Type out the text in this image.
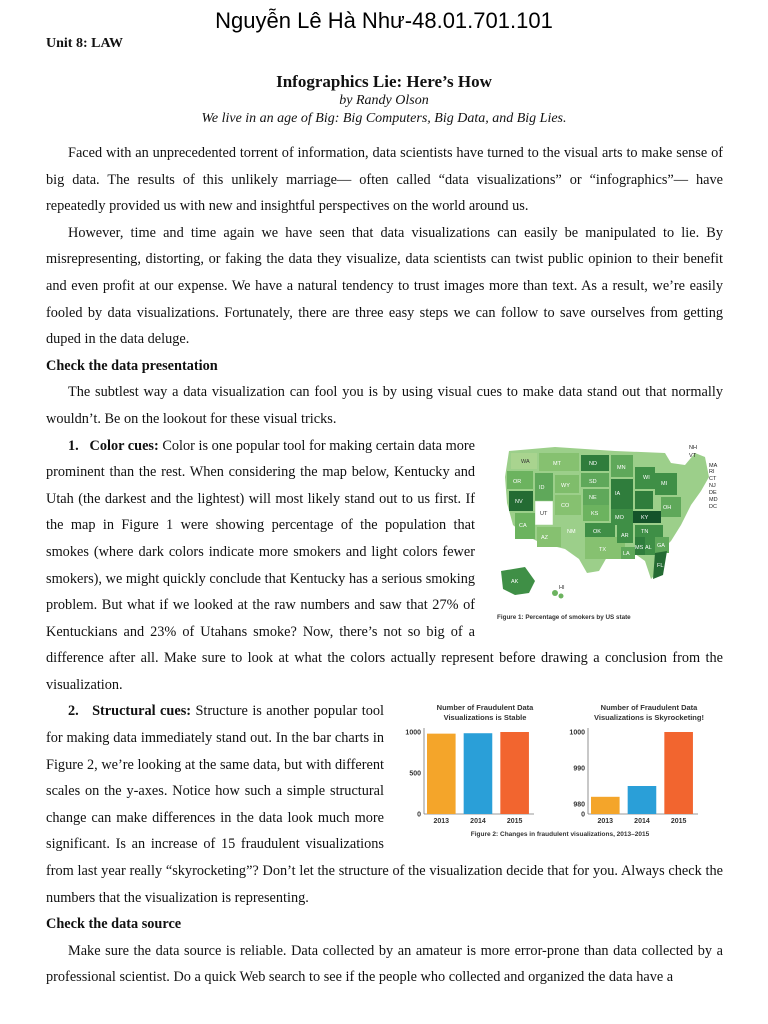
Nguyễn Lê Hà Như-48.01.701.101
Unit 8: LAW
Infographics Lie: Here’s How
by Randy Olson
We live in an age of Big: Big Computers, Big Data, and Big Lies.

Faced with an unprecedented torrent of information, data scientists have turned to the visual arts to make sense of big data. The results of this unlikely marriage— often called “data visualizations” or “infographics”— have repeatedly provided us with new and insightful perspectives on the world around us.

However, time and time again we have seen that data visualizations can easily be manipulated to lie. By misrepresenting, distorting, or faking the data they visualize, data scientists can twist public opinion to their benefit and even profit at our expense. We have a natural tendency to trust images more than text. As a result, we’re easily fooled by data visualizations. Fortunately, there are three easy steps we can follow to save ourselves from getting duped in the data deluge.

Check the data presentation

The subtlest way a data visualization can fool you is by using visual cues to make data stand out that normally wouldn’t. Be on the lookout for these visual tricks.

WA	MT	ND
MN
WI
MI
OR
ID	WY
SD
NE
IA
NV
UT
CO
KS
MO	KY
OH
CA
AZ
NM	OK
AR
TN
TX
LA
MS AL GA
FL
AK
HI
NH
VT
MA
RI
CT
NJ
DE
MD
DC
Figure 1: Percentage of smokers by US state

1. Color cues: Color is one popular tool for making certain data more prominent than the rest. When considering the map below, Kentucky and Utah (the darkest and the lightest) will most likely stand out to us first. If the map in Figure 1 were showing percentage of the population that smokes (where dark colors indicate more smokers and light colors fewer smokers), we might quickly conclude that Kentucky has a serious smoking problem. But what if we looked at the raw numbers and saw that 27% of Kentuckians and 23% of Utahans smoke? Now, there’s not so big of a difference after all. Make sure to look at what the colors actually represent before drawing a conclusion from the visualization.

Number of Fraudulent Data
Visualizations is Stable
0
500
1000
2013	2014	2015
Number of Fraudulent Data
Visualizations is Skyrocketing!
0
980
990
1000
2013	2014	2015
Figure 2: Changes in fraudulent visualizations, 2013–2015

2. Structural cues: Structure is another popular tool for making data immediately stand out. In the bar charts in Figure 2, we’re looking at the same data, but with different scales on the y-axes. Notice how such a simple structural change can make differences in the data look much more significant. Is an increase of 15 fraudulent visualizations from last year really “skyrocketing”? Don’t let the structure of the visualization decide that for you. Always check the numbers that the visualization is representing.

Check the data source

Make sure the data source is reliable. Data collected by an amateur is more error-prone than data collected by a professional scientist. Do a quick Web search to see if the people who collected and organized the data have a
